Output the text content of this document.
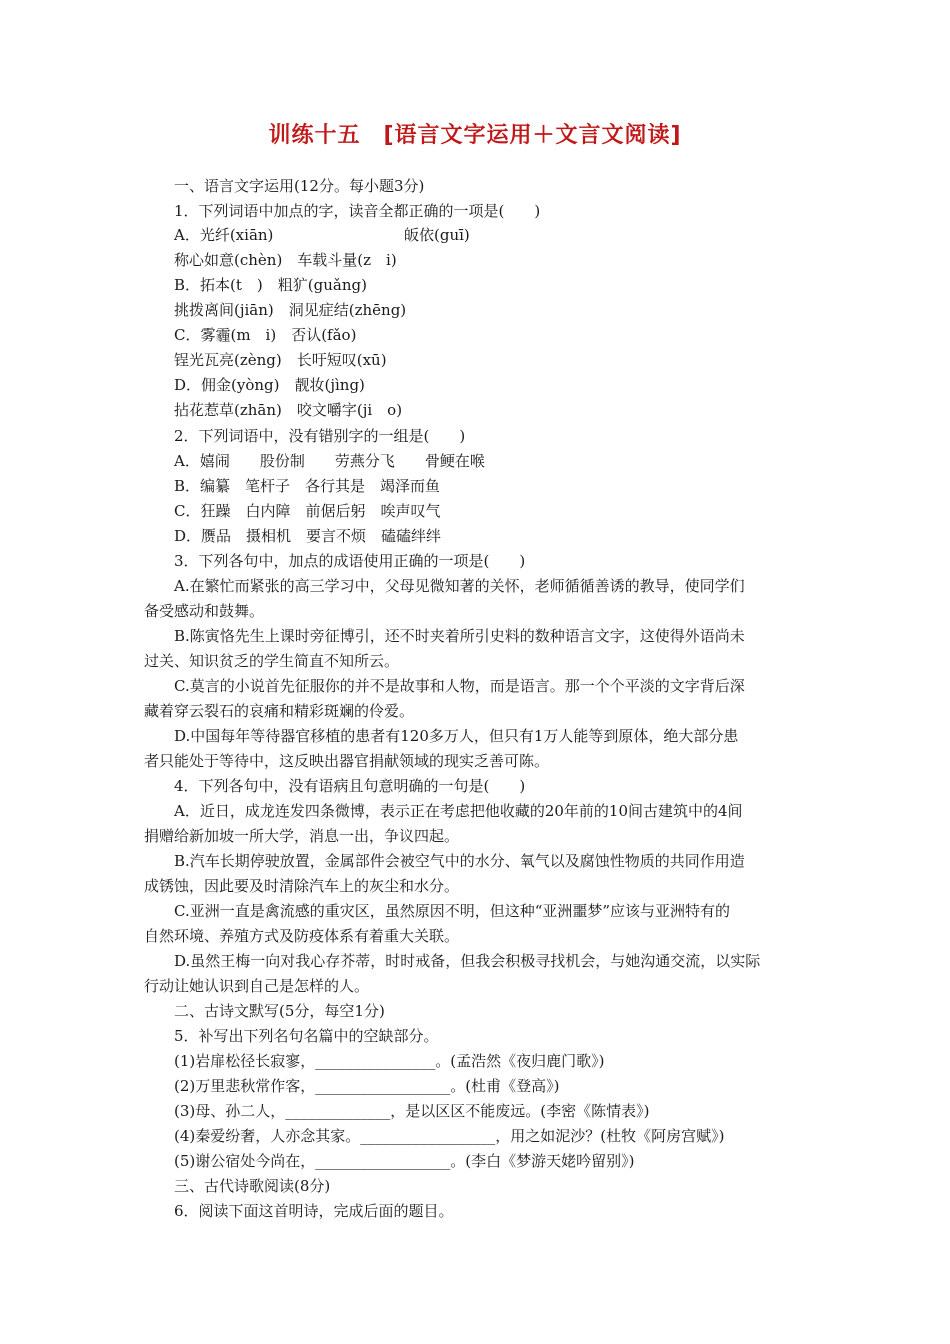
训练十五　[语言文字运用＋文言文阅读]
一、语言文字运用(12分。每小题3分)
1．下列词语中加点的字，读音全都正确的一项是(　　)
A．光纤(xiān)	皈依(guī)
称心如意(chèn)　车载斗量(z　i)
B．拓本(t　)　粗犷(guǎng)
挑拨离间(jiān)　洞见症结(zhēng)
C．雾霾(m　i)　否认(fǎo)
锃光瓦亮(zèng)　长吁短叹(xū)
D．佣金(yòng)　靓妆(jìng)
拈花惹草(zhān)　咬文嚼字(ji　o)
2．下列词语中，没有错别字的一组是(　　)
A．嬉闹　　股份制　　劳燕分飞　　骨鲠在喉
B．编纂　笔杆子　各行其是　竭泽而鱼
C．狂躁　白内障　前倨后躬　唉声叹气
D．赝品　摄相机　要言不烦　磕磕绊绊
3．下列各句中，加点的成语使用正确的一项是(　　)
A.在繁忙而紧张的高三学习中，父母见微知著的关怀，老师循循善诱的教导，使同学们
备受感动和鼓舞。
B.陈寅恪先生上课时旁征博引，还不时夹着所引史料的数种语言文字，这使得外语尚未
过关、知识贫乏的学生简直不知所云。
C.莫言的小说首先征服你的并不是故事和人物，而是语言。那一个个平淡的文字背后深
藏着穿云裂石的哀痛和精彩斑斓的伶爱。
D.中国每年等待器官移植的患者有120多万人，但只有1万人能等到原体，绝大部分患
者只能处于等待中，这反映出器官捐献领域的现实乏善可陈。
4．下列各句中，没有语病且句意明确的一句是(　　)
A．近日，成龙连发四条微博，表示正在考虑把他收藏的20年前的10间古建筑中的4间
捐赠给新加坡一所大学，消息一出，争议四起。
B.汽车长期停驶放置，金属部件会被空气中的水分、氧气以及腐蚀性物质的共同作用造
成锈蚀，因此要及时清除汽车上的灰尘和水分。
C.亚洲一直是禽流感的重灾区，虽然原因不明，但这种“亚洲噩梦”应该与亚洲特有的
自然环境、养殖方式及防疫体系有着重大关联。
D.虽然王梅一向对我心存芥蒂，时时戒备，但我会积极寻找机会，与她沟通交流，以实际
行动让她认识到自己是怎样的人。
二、古诗文默写(5分，每空1分)
5．补写出下列名句名篇中的空缺部分。
(1)岩扉松径长寂寥，________________。(孟浩然《夜归鹿门歌》)
(2)万里悲秋常作客，__________________。(杜甫《登高》)
(3)母、孙二人，______________，是以区区不能废远。(李密《陈情表》)
(4)秦爱纷奢，人亦念其家。__________________，用之如泥沙？(杜牧《阿房宫赋》)
(5)谢公宿处今尚在，__________________。(李白《梦游天姥吟留别》)
三、古代诗歌阅读(8分)
6．阅读下面这首明诗，完成后面的题目。
